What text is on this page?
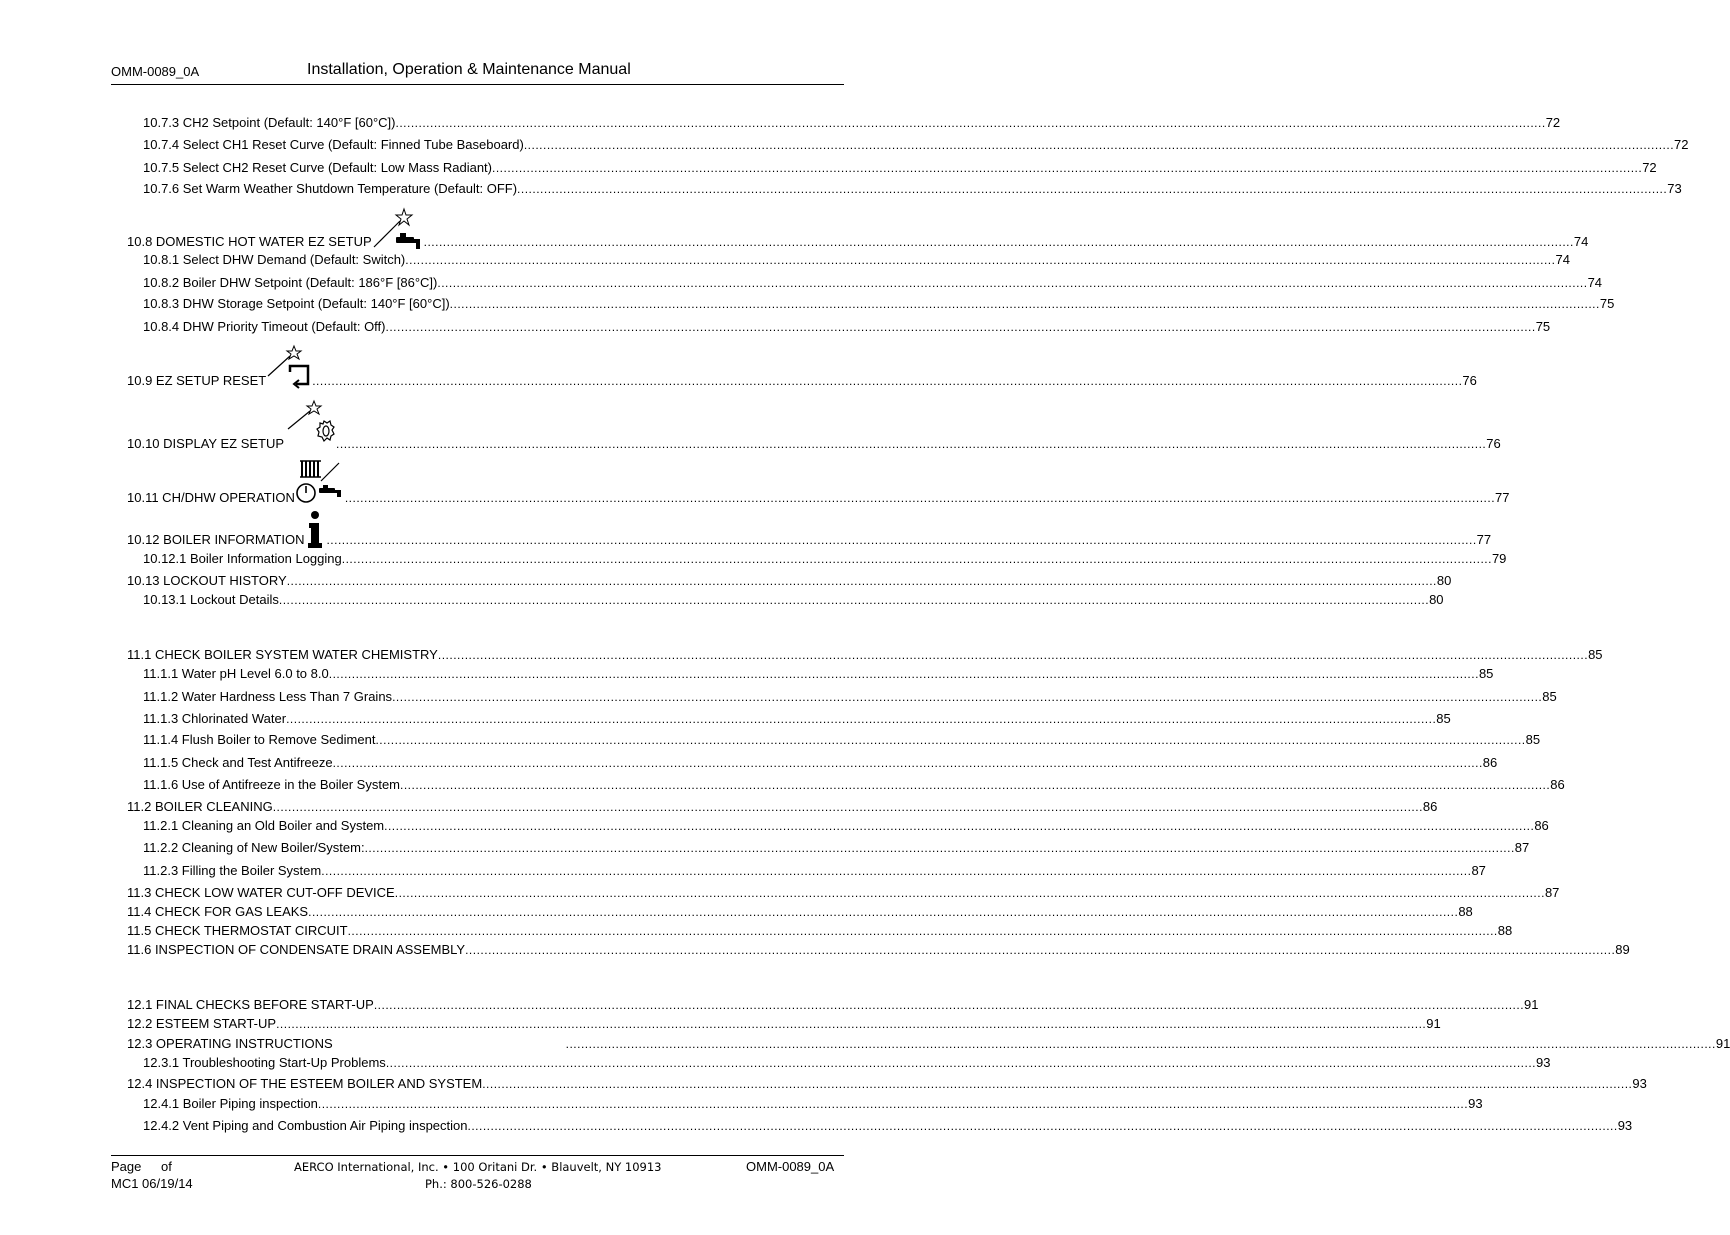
OMM-0089_0A	Installation, Operation & Maintenance Manual
10.7.3 CH2 Setpoint (Default: 140°F [60°C]) ............................................................................................................................................................................................................................................................................................................ 72
10.7.4 Select CH1 Reset Curve (Default: Finned Tube Baseboard) ............................................................................................................................................................................................................................................................................................................ 72
10.7.5 Select CH2 Reset Curve (Default: Low Mass Radiant) ............................................................................................................................................................................................................................................................................................................ 72
10.7.6 Set Warm Weather Shutdown Temperature (Default: OFF) ............................................................................................................................................................................................................................................................................................................ 73
10.8 DOMESTIC HOT WATER EZ SETUP	............................................................................................................................................................................................................................................................................................................ 74
10.8.1 Select DHW Demand (Default: Switch) ............................................................................................................................................................................................................................................................................................................ 74
10.8.2 Boiler DHW Setpoint (Default: 186°F [86°C]) ............................................................................................................................................................................................................................................................................................................ 74
10.8.3 DHW Storage Setpoint (Default: 140°F [60°C]) ............................................................................................................................................................................................................................................................................................................ 75
10.8.4 DHW Priority Timeout (Default: Off) ............................................................................................................................................................................................................................................................................................................ 75
10.9 EZ SETUP RESET	............................................................................................................................................................................................................................................................................................................ 76
10.10 DISPLAY EZ SETUP	............................................................................................................................................................................................................................................................................................................ 76
10.11 CH/DHW OPERATION	............................................................................................................................................................................................................................................................................................................ 77
10.12 BOILER INFORMATION ............................................................................................................................................................................................................................................................................................................ 77
10.12.1 Boiler Information Logging ............................................................................................................................................................................................................................................................................................................ 79
10.13 LOCKOUT HISTORY ............................................................................................................................................................................................................................................................................................................ 80
10.13.1 Lockout Details ............................................................................................................................................................................................................................................................................................................ 80
11.1 CHECK BOILER SYSTEM WATER CHEMISTRY ............................................................................................................................................................................................................................................................................................................ 85
11.1.1 Water pH Level 6.0 to 8.0 ............................................................................................................................................................................................................................................................................................................ 85
11.1.2 Water Hardness Less Than 7 Grains ............................................................................................................................................................................................................................................................................................................ 85
11.1.3 Chlorinated Water ............................................................................................................................................................................................................................................................................................................ 85
11.1.4 Flush Boiler to Remove Sediment ............................................................................................................................................................................................................................................................................................................ 85
11.1.5 Check and Test Antifreeze ............................................................................................................................................................................................................................................................................................................ 86
11.1.6 Use of Antifreeze in the Boiler System ............................................................................................................................................................................................................................................................................................................ 86
11.2 BOILER CLEANING ............................................................................................................................................................................................................................................................................................................ 86
11.2.1 Cleaning an Old Boiler and System ............................................................................................................................................................................................................................................................................................................ 86
11.2.2 Cleaning of New Boiler/System: ............................................................................................................................................................................................................................................................................................................ 87
11.2.3 Filling the Boiler System ............................................................................................................................................................................................................................................................................................................ 87
11.3 CHECK LOW WATER CUT-OFF DEVICE ............................................................................................................................................................................................................................................................................................................ 87
11.4 CHECK FOR GAS LEAKS ............................................................................................................................................................................................................................................................................................................ 88
11.5 CHECK THERMOSTAT CIRCUIT ............................................................................................................................................................................................................................................................................................................ 88
11.6 INSPECTION OF CONDENSATE DRAIN ASSEMBLY ............................................................................................................................................................................................................................................................................................................ 89
12.1 FINAL CHECKS BEFORE START-UP ............................................................................................................................................................................................................................................................................................................ 91
12.2 ESTEEM START-UP ............................................................................................................................................................................................................................................................................................................ 91
12.3 OPERATING INSTRUCTIONS	............................................................................................................................................................................................................................................................................................................ 91
12.3.1 Troubleshooting Start-Up Problems ............................................................................................................................................................................................................................................................................................................ 93
12.4 INSPECTION OF THE ESTEEM BOILER AND SYSTEM ............................................................................................................................................................................................................................................................................................................ 93
12.4.1 Boiler Piping inspection ............................................................................................................................................................................................................................................................................................................ 93
12.4.2 Vent Piping and Combustion Air Piping inspection ............................................................................................................................................................................................................................................................................................................ 93
Page of
MC1 06/19/14
AERCO International, Inc. • 100 Oritani Dr. • Blauvelt, NY 10913
Ph.: 800-526-0288
OMM-0089_0A
